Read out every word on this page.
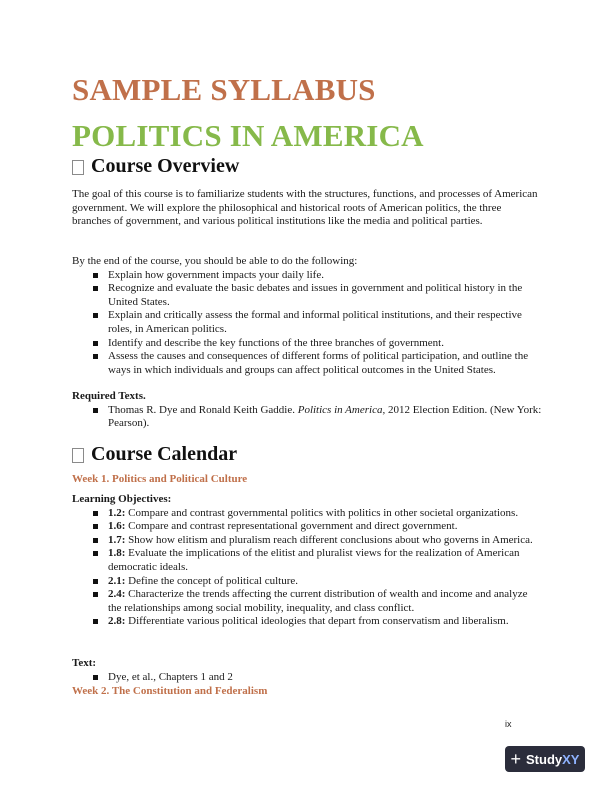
SAMPLE SYLLABUS
POLITICS IN AMERICA
Course Overview

The goal of this course is to familiarize students with the structures, functions, and processes of American government. We will explore the philosophical and historical roots of American politics, the three branches of government, and various political institutions like the media and political parties.

By the end of the course, you should be able to do the following:

Explain how government impacts your daily life.
Recognize and evaluate the basic debates and issues in government and political history in the United States.
Explain and critically assess the formal and informal political institutions, and their respective roles, in American politics.
Identify and describe the key functions of the three branches of government.
Assess the causes and consequences of different forms of political participation, and outline the ways in which individuals and groups can affect political outcomes in the United States.

Required Texts.

Thomas R. Dye and Ronald Keith Gaddie. Politics in America, 2012 Election Edition. (New York: Pearson).
Course Calendar
Week 1. Politics and Political Culture

Learning Objectives:

1.2: Compare and contrast governmental politics with politics in other societal organizations.
1.6: Compare and contrast representational government and direct government.
1.7: Show how elitism and pluralism reach different conclusions about who governs in America.
1.8: Evaluate the implications of the elitist and pluralist views for the realization of American democratic ideals.
2.1: Define the concept of political culture.
2.4: Characterize the trends affecting the current distribution of wealth and income and analyze the relationships among social mobility, inequality, and class conflict.
2.8: Differentiate various political ideologies that depart from conservatism and liberalism.

Text:

Dye, et al., Chapters 1 and 2
Week 2. The Constitution and Federalism
ix
+ Study XY
